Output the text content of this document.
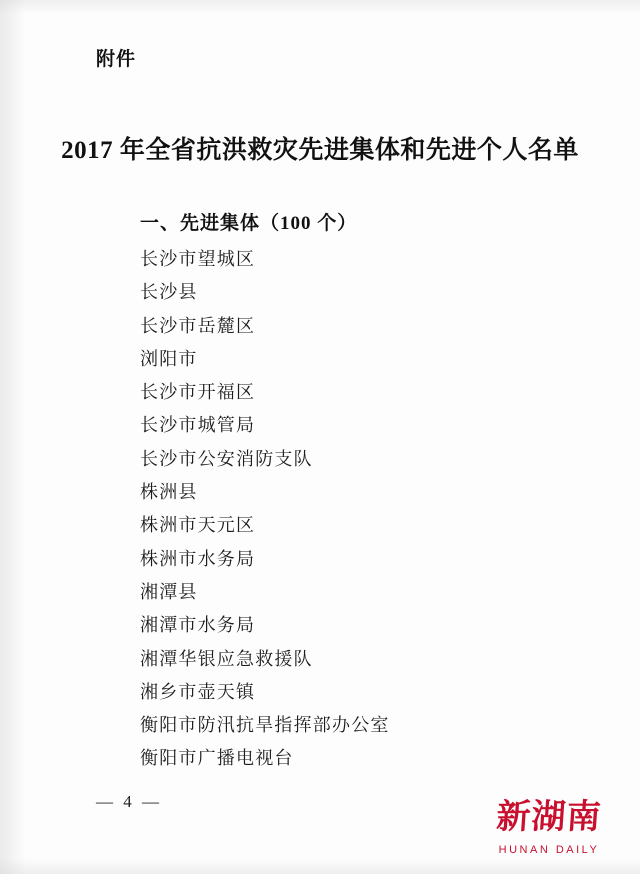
附件
2017 年全省抗洪救灾先进集体和先进个人名单
一、先进集体（100 个）
长沙市望城区
长沙县
长沙市岳麓区
浏阳市
长沙市开福区
长沙市城管局
长沙市公安消防支队
株洲县
株洲市天元区
株洲市水务局
湘潭县
湘潭市水务局
湘潭华银应急救援队
湘乡市壶天镇
衡阳市防汛抗旱指挥部办公室
衡阳市广播电视台
— 4 —	新湖南
HUNAN DAILY
